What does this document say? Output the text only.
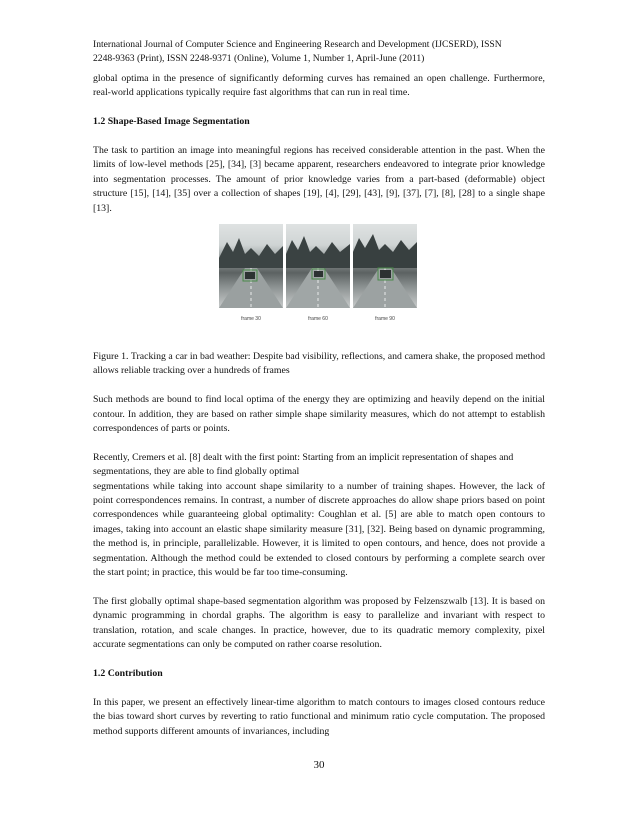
International Journal of Computer Science and Engineering Research and Development (IJCSERD), ISSN
2248-9363 (Print), ISSN 2248-9371 (Online), Volume 1, Number 1, April-June (2011)

global optima in the presence of significantly deforming curves has remained an open challenge. Furthermore, real-world applications typically require fast algorithms that can run in real time.

1.2 Shape-Based Image Segmentation

The task to partition an image into meaningful regions has received considerable attention in the past. When the limits of low-level methods [25], [34], [3] became apparent, researchers endeavored to integrate prior knowledge into segmentation processes. The amount of prior knowledge varies from a part-based (deformable) object structure [15], [14], [35] over a collection of shapes [19], [4], [29], [43], [9], [37], [7], [8], [28] to a single shape [13].

frame 30	frame 60	frame 90

Figure 1. Tracking a car in bad weather: Despite bad visibility, reflections, and camera shake, the proposed method allows reliable tracking over a hundreds of frames

Such methods are bound to find local optima of the energy they are optimizing and heavily depend on the initial contour. In addition, they are based on rather simple shape similarity measures, which do not attempt to establish correspondences of parts or points.

Recently, Cremers et al. [8] dealt with the first point: Starting from an implicit representation of shapes and segmentations, they are able to find globally optimal

segmentations while taking into account shape similarity to a number of training shapes. However, the lack of point correspondences remains. In contrast, a number of discrete approaches do allow shape priors based on point correspondences while guaranteeing global optimality: Coughlan et al. [5] are able to match open contours to images, taking into account an elastic shape similarity measure [31], [32]. Being based on dynamic programming, the method is, in principle, parallelizable. However, it is limited to open contours, and hence, does not provide a segmentation. Although the method could be extended to closed contours by performing a complete search over the start point; in practice, this would be far too time-consuming.

The first globally optimal shape-based segmentation algorithm was proposed by Felzenszwalb [13]. It is based on dynamic programming in chordal graphs. The algorithm is easy to parallelize and invariant with respect to translation, rotation, and scale changes. In practice, however, due to its quadratic memory complexity, pixel accurate segmentations can only be computed on rather coarse resolution.

1.2 Contribution

In this paper, we present an effectively linear-time algorithm to match contours to images closed contours reduce the bias toward short curves by reverting to ratio functional and minimum ratio cycle computation. The proposed method supports different amounts of invariances, including

30
